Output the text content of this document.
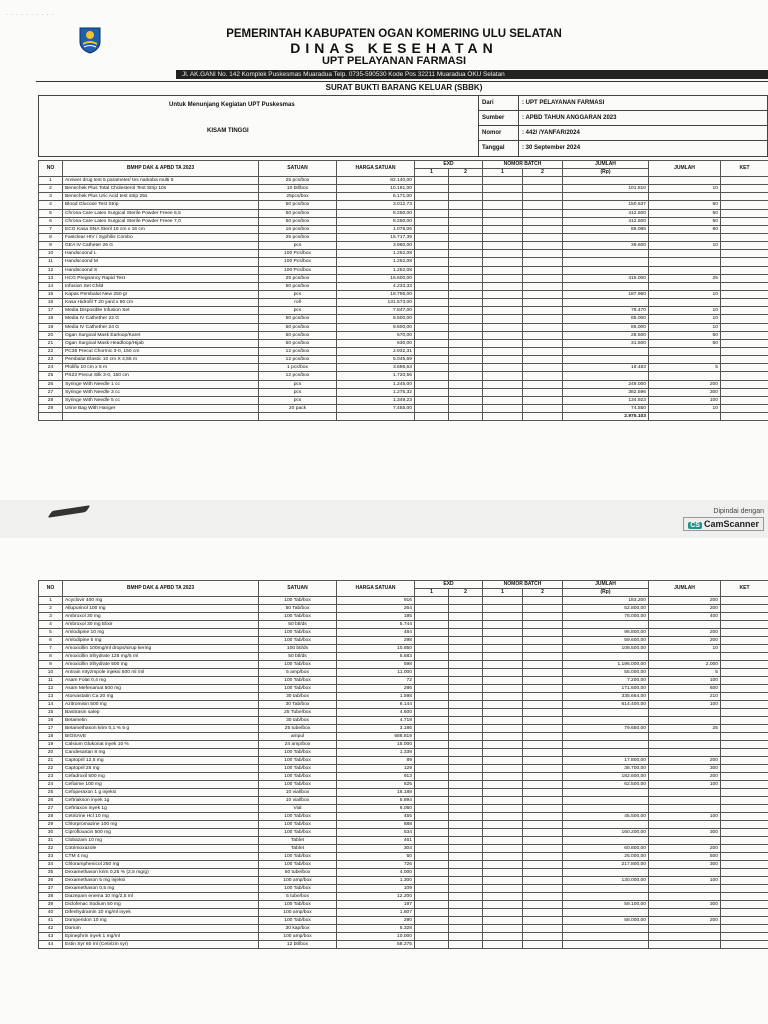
· · · · · · · · · ·
PEMERINTAH KABUPATEN OGAN KOMERING ULU SELATAN
DINAS KESEHATAN
UPT PELAYANAN FARMASI
Jl. AK.GANI No. 142 Komplek Puskesmas Muaradua Telp. 0735-590530 Kode Pos 32211 Muaradua OKU Selatan
SURAT BUKTI BARANG KELUAR (SBBK)
Untuk Menunjang Kegiatan UPT Puskesmas
KISAM TINGGI
Dari	: UPT PELAYANAN FARMASI
Sumber	: APBD TAHUN ANGGARAN 2023
Nomor	: 442/ /YANFAR/2024
Tanggal	: 30 September 2024
NO	BMHP DAK & APBD TA 2023	SATUAN	HARGA SATUAN	EXD		NOMOR BATCH		JUMLAH	JUMLAH	KET
				1	2	1	2	(Rp)		
1	Answer drug test 5 parameter/ tes narkoba multi 5	25 pcs/box	82.140,00							
2	Benechek Plus Total Cholesterol Test Strip 10s	10 btl/box	10.181,00					101.810	10	
3	Benechek Plus Uric Acid test strip 25s	25pcs/box	6.171,00							
4	Blood Glucose Test Strip	50 pcs/box	3.012,73					150.637	50	
5	Chrona Care Latex Surgical Sterile Powder Freee 6,5	50 pcs/box	8.250,00					412.500	50	
6	Chrona Care Latex Surgical Sterile Powder Freee 7,0	50 pcs/box	8.250,00					412.500	50	
7	ECG Kasa SNA Steril 16 cm x 16 cm	16 pcs/box	1.076,06					86.085	80	
8	Fastclear HIV / Syphilis Combo	25 pcs/box	15.717,39							
9	GEA IV Catheter 26 G	pcs	3.960,00					39.600	10	
10	Handscoond L	100 Pcs/box	1.252,08							
11	Handscoond M	100 Pcs/box	1.252,08							
12	Handscoond S	100 Pcs/box	1.252,08							
13	HCG Pregnancy Rapid Test	25 pcs/box	16.600,00					415.000	25	
14	Infusion Set Child	50 pcs/box	4.233,33							
15	Kapas Pembalut New 250 gr	pcs	18.795,00					187.950	10	
16	Kasa Hidrofil T 20 yard x 80 cm	roll	131.573,00							
17	Media Disposible Infusion Set	pcs	7.847,00					78.470	10	
18	Media IV Cathether 22 G	50 pcs/box	8.500,00					85.000	10	
19	Media IV Cathether 24 G	50 pcs/box	8.600,00					86.000	10	
20	Ogan Surgical Mask Earloop/Karet	50 pcs/box	570,00					28.500	50	
21	Ogan Surgical Mask Headloop/Hijab	50 pcs/box	630,00					31.500	50	
22	PC36 Precut Chormic 3-0, 150 cm	12 pcs/box	2.932,31							
23	Pembalut Elastic 10 cm X 4,55 m	12 pcs/box	5.045,69							
24	Plolifix 10 cm x 5 m	1 pcs/box	3.696,53					18.483	5	
25	PS23 Precut Silk 3-0, 150 cm	12 pcs/box	1.720,56							
26	Syringe With Needle 1 cc	pcs	1.245,00					249.000	200	
27	Syringe With Needle 3 cc	pcs	1.275,32					382.596	300	
28	Syringe With Needle 5 cc	pcs	1.349,23					134.923	100	
29	Urine Bag With Hanger	20 pack	7.455,00					74.550	10	
								2.975.103		
Dipindai dengan
CS CamScanner
NO	BMHP DAK & APBD TA 2023	SATUAN	HARGA SATUAN	EXD		NOMOR BATCH		JUMLAH	JUMLAH	KET
				1	2	1	2	(Rp)		
1	Acyclovir 400 mg	100 Tab/box	916					183.200	200	
2	Allupurinol 100 mg	50 Tab/box	264					52.800,00	200	
3	Ambroxol 30 mg	100 Tab/box	195					78.000,00	400	
4	Ambroxol 30 mg Elixir	50 btl/ds	5.744							
5	Amlodipine 10 mg	100 Tab/box	484					96.800,00	200	
6	Amlodipine 5 mg	100 Tab/box	298					59.600,00	200	
7	Amoxicillin 100mg/ml drops/sirup kering	100 btl/ds	10.850					108.500,00	10	
8	Amoxicillin trihydrate 125 mg/5 ml	50 btl/ds	5.683							
9	Amoxicillin trihydrate 500 mg	100 Tab/box	598					1.196.000,00	2.000	
10	Antrain mtyzmpole injeksi 500 ml /ml	5 amp/box	11.000					55.000,00	5	
11	Asam Folat 0,4 mg	100 Tab/box	72					7.200,00	100	
12	Asam Mefenamat 500 mg	100 Tab/box	286					171.600,00	600	
13	Atorvastatin Ca 20 mg	30 tab/box	1.598					335.664,00	210	
14	Azitromisin 500 mg	30 Tab/box	6.144					614.400,00	100	
15	Basitrasin salep	25 Tube/box	4.600							
16	Betametin	30 tab/box	4.718							
17	Betamethason krim 0,1 % 5 g	25 tube/box	3.186					79.650,00	25	
18	BIOSAVE	ampul	688.819							
19	Calsium Glukonat inyek 10 %	24 amp/box	15.000							
20	Candesartan 8 mg	100 Tab/box	1.338							
21	Captopril 12,5 mg	100 Tab/box	89					17.800,00	200	
22	Captopril 25 mg	100 Tab/box	129					38.700,00	300	
23	Cefadroxil 500 mg	100 Tab/box	913					182.600,00	200	
24	Cefixime 100 mg	100 Tab/box	625					62.500,00	100	
25	Cefoperaxon 1 g injeksi	10 vial/box	16.188							
26	Ceftriakson inyek 1g	10 vial/box	5.894							
27	Ceftriaxon inyek 1g	Vial	6.050							
28	Cetirizine Hcl 10 mg	100 Tab/box	455					45.500,00	100	
29	Chlorpromazine 100 mg	100 Tab/box	888							
30	Ciprofloxacin 500 mg	100 Tab/box	534					160.200,00	300	
31	Clobazam 10 mg	Tablet	461							
32	Cotrimoxazole	Tablet	304					60.800,00	200	
33	CTM 4 mg	100 Tab/box	50					25.000,00	500	
34	Chloramphenicol 250 mg	100 Tab/box	726					217.800,00	300	
35	Dexamethason krim 0,25 % (2,5 mg/g)	50 tube/box	4.000							
36	Dexamethason 5 mg injeksi	100 amp/box	1.300					130.000,00	100	
37	Dexamethason 0,5 mg	100 Tab/box	109							
38	Diazepam enema 10 mg/2,5 ml	5 tube/box	12.200							
39	Diclofenac Sodium 50 mg	100 Tab/box	197					59.100,00	300	
40	Difenhydramin 10 mg/ml inyek	100 amp/box	1.607							
41	Domperidon 10 mg	100 Tab/box	290					58.000,00	200	
42	Dorium	30 kap/box	5.328							
43	Epinephrin inyek 1 mg/ml	100 amp/box	10.000							
44	Estin Syr 60 ml (Cetirizin syr)	12 btl/box	58.275							
